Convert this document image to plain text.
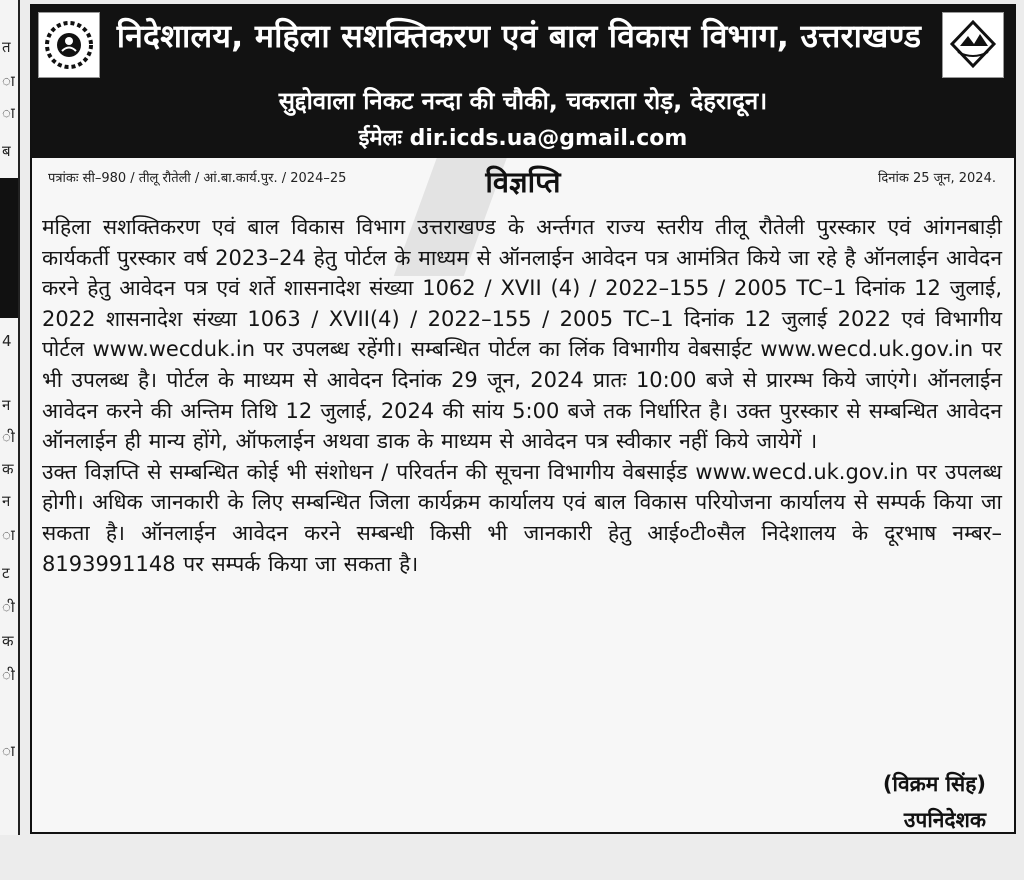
त
ा
ा
ब
4
न
ी
क
न
ा
ट
ी
क
ी
ा
निदेशालय, महिला सशक्तिकरण एवं बाल विकास विभाग, उत्तराखण्ड
सुद्दोवाला निकट नन्दा की चौकी, चकराता रोड़, देहरादून।
ईमेलः dir.icds.ua@gmail.com
पत्रांकः सी–980 / तीलू रौतेली / आं.बा.कार्य.पुर. / 2024–25	विज्ञप्ति	दिनांक 25 जून, 2024.

महिला सशक्तिकरण एवं बाल विकास विभाग उत्तराखण्ड के अर्न्तगत राज्य स्तरीय तीलू रौतेली पुरस्कार एवं आंगनबाड़ी कार्यकर्ती पुरस्कार वर्ष 2023–24 हेतु पोर्टल के माध्यम से ऑनलाईन आवेदन पत्र आमंत्रित किये जा रहे है ऑनलाईन आवेदन करने हेतु आवेदन पत्र एवं शर्ते शासनादेश संख्या 1062 / XVII (4) / 2022–155 / 2005 TC–1 दिनांक 12 जुलाई, 2022 शासनादेश संख्या 1063 / XVII(4) / 2022–155 / 2005 TC–1 दिनांक 12 जुलाई 2022 एवं विभागीय पोर्टल www.wecduk.in पर उपलब्ध रहेंगी। सम्बन्धित पोर्टल का लिंक विभागीय वेबसाईट www.wecd.uk.gov.in पर भी उपलब्ध है। पोर्टल के माध्यम से आवेदन दिनांक 29 जून, 2024 प्रातः 10:00 बजे से प्रारम्भ किये जाएंगे। ऑनलाईन आवेदन करने की अन्तिम तिथि 12 जुलाई, 2024 की सांय 5:00 बजे तक निर्धारित है। उक्त पुरस्कार से सम्बन्धित आवेदन ऑनलाईन ही मान्य होंगे, ऑफलाईन अथवा डाक के माध्यम से आवेदन पत्र स्वीकार नहीं किये जायेगें ।

उक्त विज्ञप्ति से सम्बन्धित कोई भी संशोधन / परिवर्तन की सूचना विभागीय वेबसाईड www.wecd.uk.gov.in पर उपलब्ध होगी। अधिक जानकारी के लिए सम्बन्धित जिला कार्यक्रम कार्यालय एवं बाल विकास परियोजना कार्यालय से सम्पर्क किया जा सकता है। ऑनलाईन आवेदन करने सम्बन्धी किसी भी जानकारी हेतु आई०टी०सैल निदेशालय के दूरभाष नम्बर–8193991148 पर सम्पर्क किया जा सकता है।

(विक्रम सिंह)
उपनिदेशक
